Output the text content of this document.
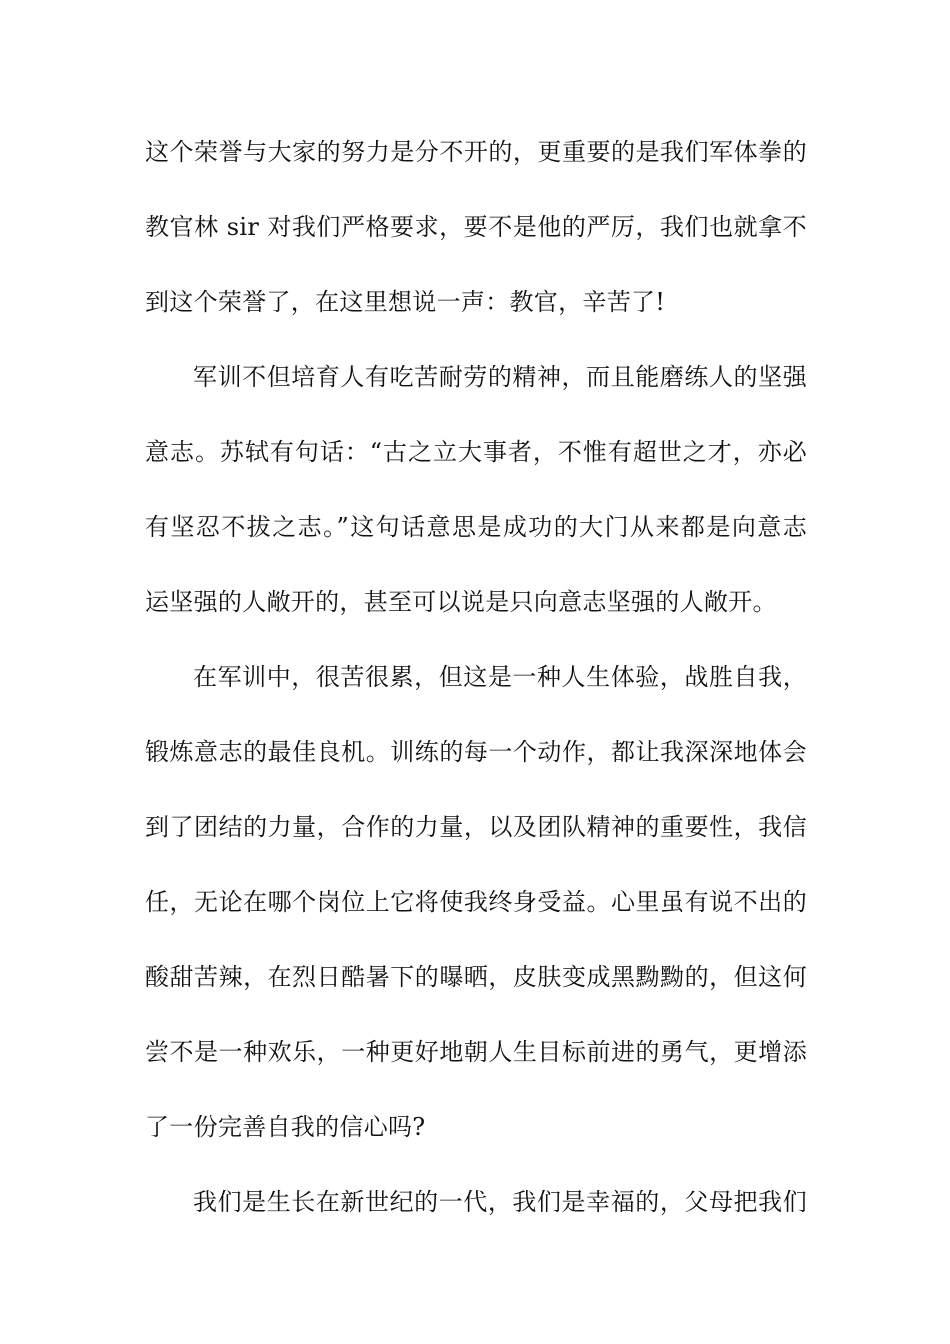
这个荣誉与大家的努力是分不开的，更重要的是我们军体拳的
教官林 sir 对我们严格要求，要不是他的严厉，我们也就拿不
到这个荣誉了，在这里想说一声：教官，辛苦了!
军训不但培育人有吃苦耐劳的精神，而且能磨练人的坚强
意志。苏轼有句话：“古之立大事者，不惟有超世之才，亦必
有坚忍不拔之志。”这句话意思是成功的大门从来都是向意志
运坚强的人敞开的，甚至可以说是只向意志坚强的人敞开。
在军训中，很苦很累，但这是一种人生体验，战胜自我，
锻炼意志的最佳良机。训练的每一个动作，都让我深深地体会
到了团结的力量，合作的力量，以及团队精神的重要性，我信
任，无论在哪个岗位上它将使我终身受益。心里虽有说不出的
酸甜苦辣，在烈日酷暑下的曝晒，皮肤变成黑黝黝的，但这何
尝不是一种欢乐，一种更好地朝人生目标前进的勇气，更增添
了一份完善自我的信心吗?
我们是生长在新世纪的一代，我们是幸福的，父母把我们
